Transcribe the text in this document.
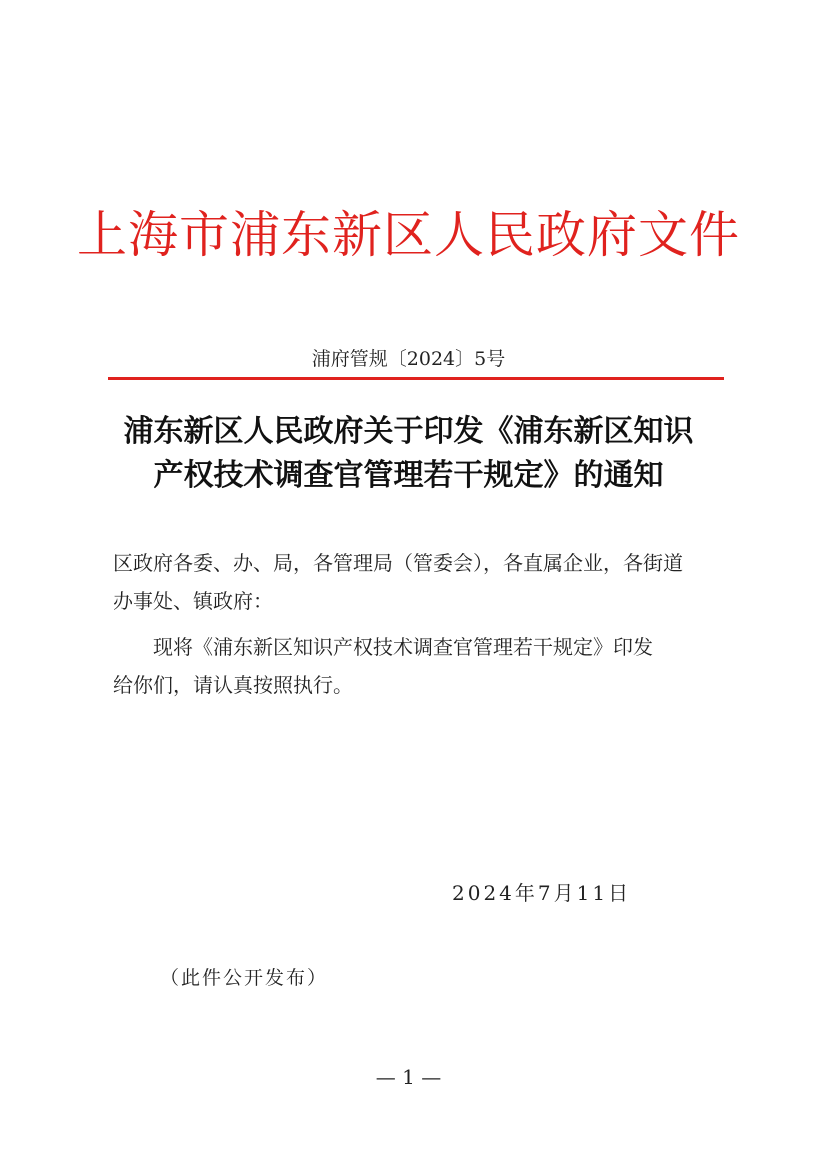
上海市浦东新区人民政府文件
浦府管规〔2024〕5号
浦东新区人民政府关于印发《浦东新区知识
产权技术调查官管理若干规定》的通知
区政府各委、办、局，各管理局（管委会），各直属企业，各街道
办事处、镇政府：
现将《浦东新区知识产权技术调查官管理若干规定》印发
给你们，请认真按照执行。
2024年7月11日
（此件公开发布）
— 1 —
